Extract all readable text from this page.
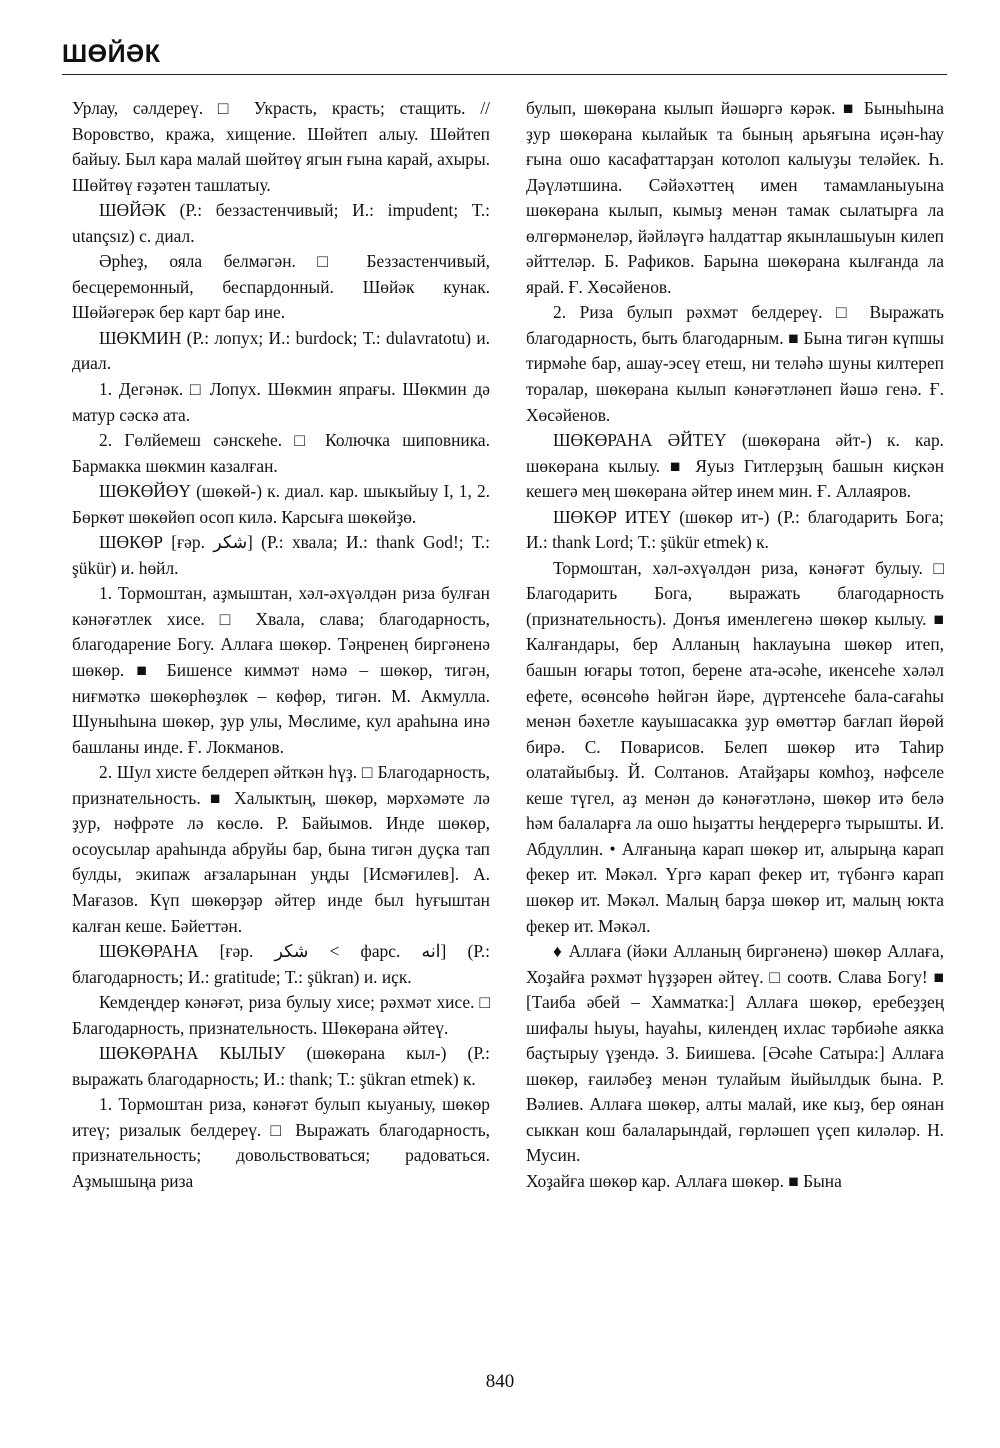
ШӨЙӘК

Урлау, сәлдереү. □ Украсть, красть; стащить. // Воровство, кража, хищение. Шөйтеп алыу. Шөйтеп байыу. Был кара малай шөйтөү ягын ғына карай, ахыры. Шөйтөү ғәҙәтен ташлатыу.

ШӨЙӘК (Р.: беззастенчивый; И.: impudent; Т.: utançsız) с. диал.

Әрһеҙ, ояла белмәгән. □ Беззастенчивый, бесцеремонный, беспардонный. Шөйәк кунак. Шөйәгерәк бер карт бар ине.

ШӨКМИН (Р.: лопух; И.: burdock; Т.: dulavratotu) и. диал.

1. Дегәнәк. □ Лопух. Шөкмин япрағы. Шөкмин дә матур сәскә ата.

2. Гөлйемеш сәнскеһе. □ Колючка шиповника. Бармакка шөкмин казалған.

ШӨКӨЙӨҮ (шөкөй-) к. диал. кар. шыкыйыу I, 1, 2. Бөркөт шөкөйөп осоп килә. Карсыға шөкөйҙө.

ШӨКӨР [ғәр. شكر] (Р.: хвала; И.: thank God!; Т.: şükür) и. һөйл.

1. Тормоштан, аҙмыштан, хәл-әхүәлдән риза булған кәнәғәтлек хисе. □ Хвала, слава; благодарность, благодарение Богу. Аллаға шөкөр. Тәңренең биргәненә шөкөр. ■ Бишенсе киммәт нәмә – шөкөр, тигән, ниғмәткә шөкөрһөҙлөк – көфөр, тигән. М. Акмулла. Шуныһына шөкөр, ҙур улы, Мөслиме, кул араһына инә башланы инде. Ғ. Локманов.

2. Шул хисте белдереп әйткән һүҙ. □ Благодарность, признательность. ■ Халыктың, шөкөр, мәрхәмәте лә ҙур, нәфрәте лә көслө. Р. Байымов. Инде шөкөр, осоусылар араһында абруйы бар, бына тигән дуҫка тап булды, экипаж ағзаларынан уңды [Исмәғилев]. А. Мағазов. Күп шөкөрҙәр әйтер инде был һуғыштан калған кеше. Бәйеттән.

ШӨКӨРАНА [ғәр. شكر < фарс. انه] (Р.: благодарность; И.: gratitude; Т.: şükran) и. иҫк.

Кемдеңдер кәнәғәт, риза булыу хисе; рәхмәт хисе. □ Благодарность, признательность. Шөкөрана әйтеү.

ШӨКӨРАНА КЫЛЫУ (шөкөрана кыл-) (Р.: выражать благодарность; И.: thank; Т.: şükran etmek) к.

1. Тормоштан риза, кәнәғәт булып кыуаныу, шөкөр итеү; ризалык белдереү. □ Выражать благодарность, признательность; довольствоваться; радоваться. Аҙмышыңа риза

булып, шөкөрана кылып йәшәргә кәрәк. ■ Быныһына ҙур шөкөрана кылайык та быныӊ арьяғына иҫән-һау ғына ошо касафаттарҙан котолоп калыуҙы теләйек. Һ. Дәүләтшина. Сәйәхәттең имен тамамланыуына шөкөрана кылып, кымыҙ менән тамак сылатырға ла өлгөрмәнеләр, йәйләүгә һалдаттар якынлашыуын килеп әйттеләр. Б. Рафиков. Барына шөкөрана кылғанда ла ярай. Ғ. Хөсәйенов.

2. Риза булып рәхмәт белдереү. □ Выражать благодарность, быть благодарным. ■ Бына тигән күпшы тирмәһе бар, ашау-эсеү етеш, ни теләһә шуны килтереп торалар, шөкөрана кылып кәнәғәтләнеп йәшә генә. Ғ. Хөсәйенов.

ШӨКӨРАНА ӘЙТЕҮ (шөкөрана әйт-) к. кар. шөкөрана кылыу. ■ Яуыз Гитлерҙың башын киҫкән кешегә мең шөкөрана әйтер инем мин. Ғ. Аллаяров.

ШӨКӨР ИТЕҮ (шөкөр ит-) (Р.: благодарить Бога; И.: thank Lord; Т.: şükür etmek) к.

Тормоштан, хәл-әхүәлдән риза, кәнәғәт булыу. □ Благодарить Бога, выражать благодарность (признательность). Донъя именлегенә шөкөр кылыу. ■ Калғандары, бер Алланың һаклауына шөкөр итеп, башын юғары тотоп, берене ата-әсәһе, икенсеһе хәләл ефете, өсөнсөһө һөйгән йәре, дүртенсеһе бала-сағаһы менән бәхетле кауышасакка ҙур өмөттәр бағлап йөрөй бирә. С. Поварисов. Белеп шөкөр итә Таһир олатайыбыҙ. Й. Солтанов. Атайҙары комһоҙ, нәфселе кеше түгел, аҙ менән дә кәнәғәтләнә, шөкөр итә белә һәм балаларға ла ошо һыҙатты һеңдерергә тырышты. И. Абдуллин. • Алғаныңа карап шөкөр ит, алырыңа карап фекер ит. Мәкәл. Үргә карап фекер ит, түбәнгә карап шөкөр ит. Мәкәл. Малың барҙа шөкөр ит, малың юкта фекер ит. Мәкәл.

♦ Аллаға (йәки Алланың биргәненә) шөкөр Аллаға, Хоҙайға рәхмәт һүҙҙәрен әйтеү. □ соотв. Слава Богу! ■ [Таиба әбей – Хамматка:] Аллаға шөкөр, еребеҙҙең шифалы һыуы, һауаһы, килендең ихлас тәрбиәһе аякка баҫтырыу үҙендә. З. Биишева. [Әсәһе Сатыра:] Аллаға шөкөр, ғаиләбеҙ менән тулайым йыйылдык бына. Р. Вәлиев. Аллаға шөкөр, алты малай, ике кыҙ, бер оянан сыккан кош балаларындай, гөрләшеп үҫеп киләләр. Н. Мусин.

Хоҙайға шөкөр кар. Аллаға шөкөр. ■ Бына

840
